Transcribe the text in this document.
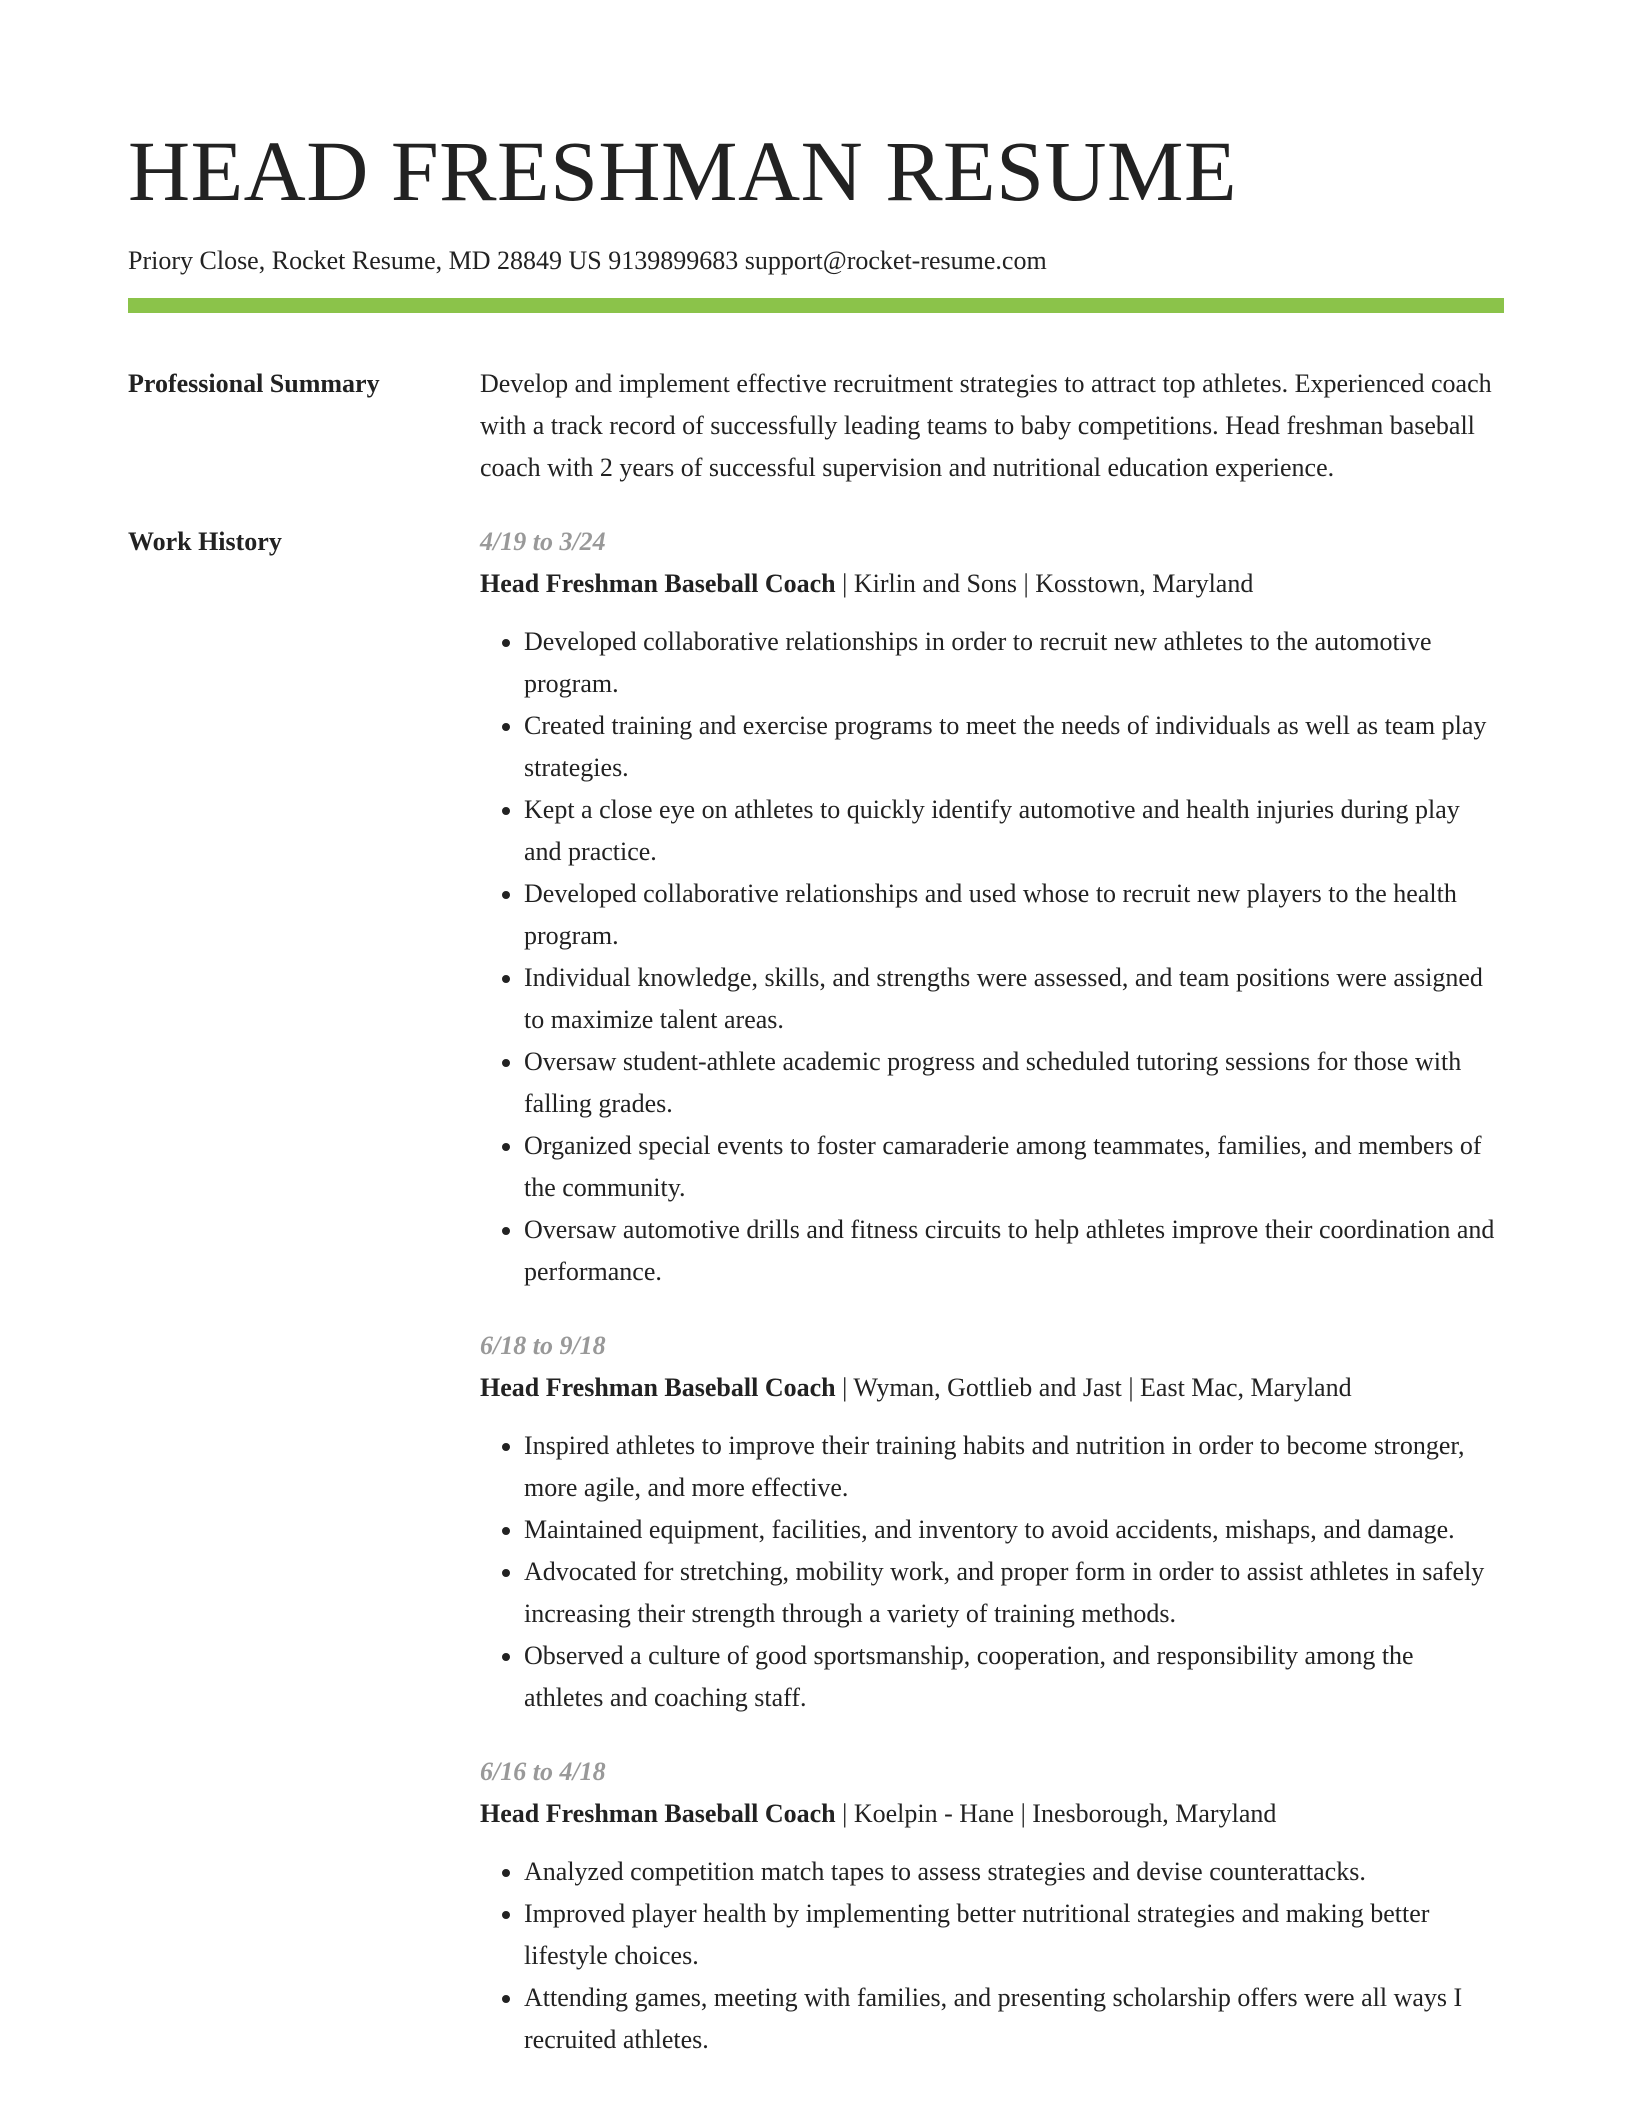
HEAD FRESHMAN RESUME
Priory Close, Rocket Resume, MD 28849 US 9139899683 support@rocket-resume.com
Professional Summary	Develop and implement effective recruitment strategies to attract top athletes. Experienced coach with a track record of successfully leading teams to baby competitions. Head freshman baseball coach with 2 years of successful supervision and nutritional education experience.

Work History	4/19 to 3/24
Head Freshman Baseball Coach | Kirlin and Sons | Kosstown, Maryland
• Developed collaborative relationships in order to recruit new athletes to the automotive program.
• Created training and exercise programs to meet the needs of individuals as well as team play strategies.
• Kept a close eye on athletes to quickly identify automotive and health injuries during play and practice.
• Developed collaborative relationships and used whose to recruit new players to the health program.
• Individual knowledge, skills, and strengths were assessed, and team positions were assigned to maximize talent areas.
• Oversaw student-athlete academic progress and scheduled tutoring sessions for those with falling grades.
• Organized special events to foster camaraderie among teammates, families, and members of the community.
• Oversaw automotive drills and fitness circuits to help athletes improve their coordination and performance.
6/18 to 9/18
Head Freshman Baseball Coach | Wyman, Gottlieb and Jast | East Mac, Maryland
• Inspired athletes to improve their training habits and nutrition in order to become stronger, more agile, and more effective.
• Maintained equipment, facilities, and inventory to avoid accidents, mishaps, and damage.
• Advocated for stretching, mobility work, and proper form in order to assist athletes in safely increasing their strength through a variety of training methods.
• Observed a culture of good sportsmanship, cooperation, and responsibility among the athletes and coaching staff.
6/16 to 4/18
Head Freshman Baseball Coach | Koelpin - Hane | Inesborough, Maryland
• Analyzed competition match tapes to assess strategies and devise counterattacks.
• Improved player health by implementing better nutritional strategies and making better lifestyle choices.
• Attending games, meeting with families, and presenting scholarship offers were all ways I recruited athletes.
